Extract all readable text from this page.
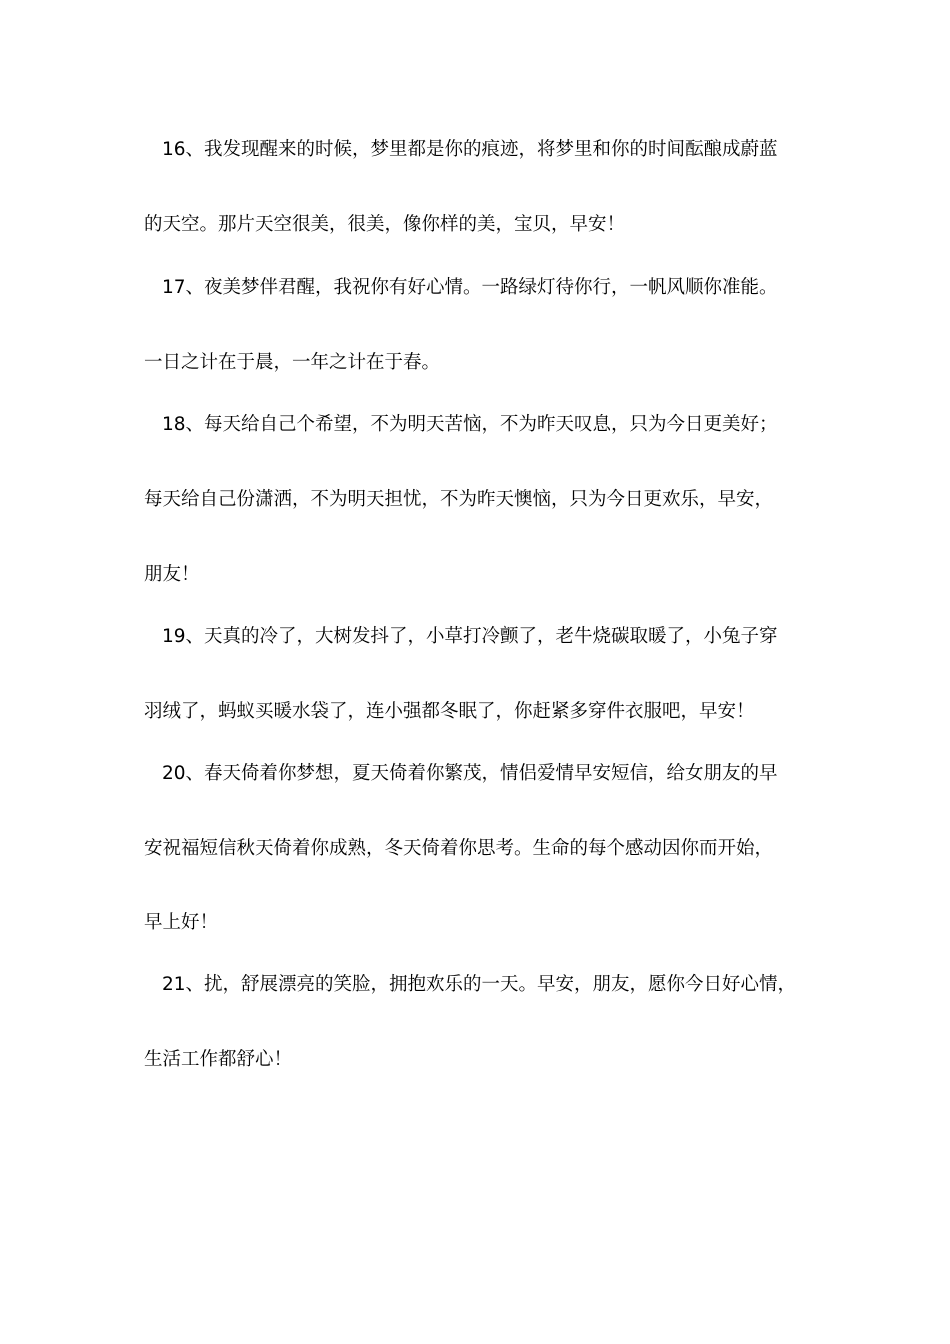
16、我发现醒来的时候，梦里都是你的痕迹，将梦里和你的时间酝酿成蔚蓝
的天空。那片天空很美，很美，像你样的美，宝贝，早安！
17、夜美梦伴君醒，我祝你有好心情。一路绿灯待你行，一帆风顺你准能。
一日之计在于晨，一年之计在于春。
18、每天给自己个希望，不为明天苦恼，不为昨天叹息，只为今日更美好；
每天给自己份潇洒，不为明天担忧，不为昨天懊恼，只为今日更欢乐，早安，
朋友！
19、天真的冷了，大树发抖了，小草打冷颤了，老牛烧碳取暖了，小兔子穿
羽绒了，蚂蚁买暖水袋了，连小强都冬眠了，你赶紧多穿件衣服吧，早安！
20、春天倚着你梦想，夏天倚着你繁茂，情侣爱情早安短信，给女朋友的早
安祝福短信秋天倚着你成熟，冬天倚着你思考。生命的每个感动因你而开始，
早上好！
21、扰，舒展漂亮的笑脸，拥抱欢乐的一天。早安，朋友，愿你今日好心情，
生活工作都舒心！
